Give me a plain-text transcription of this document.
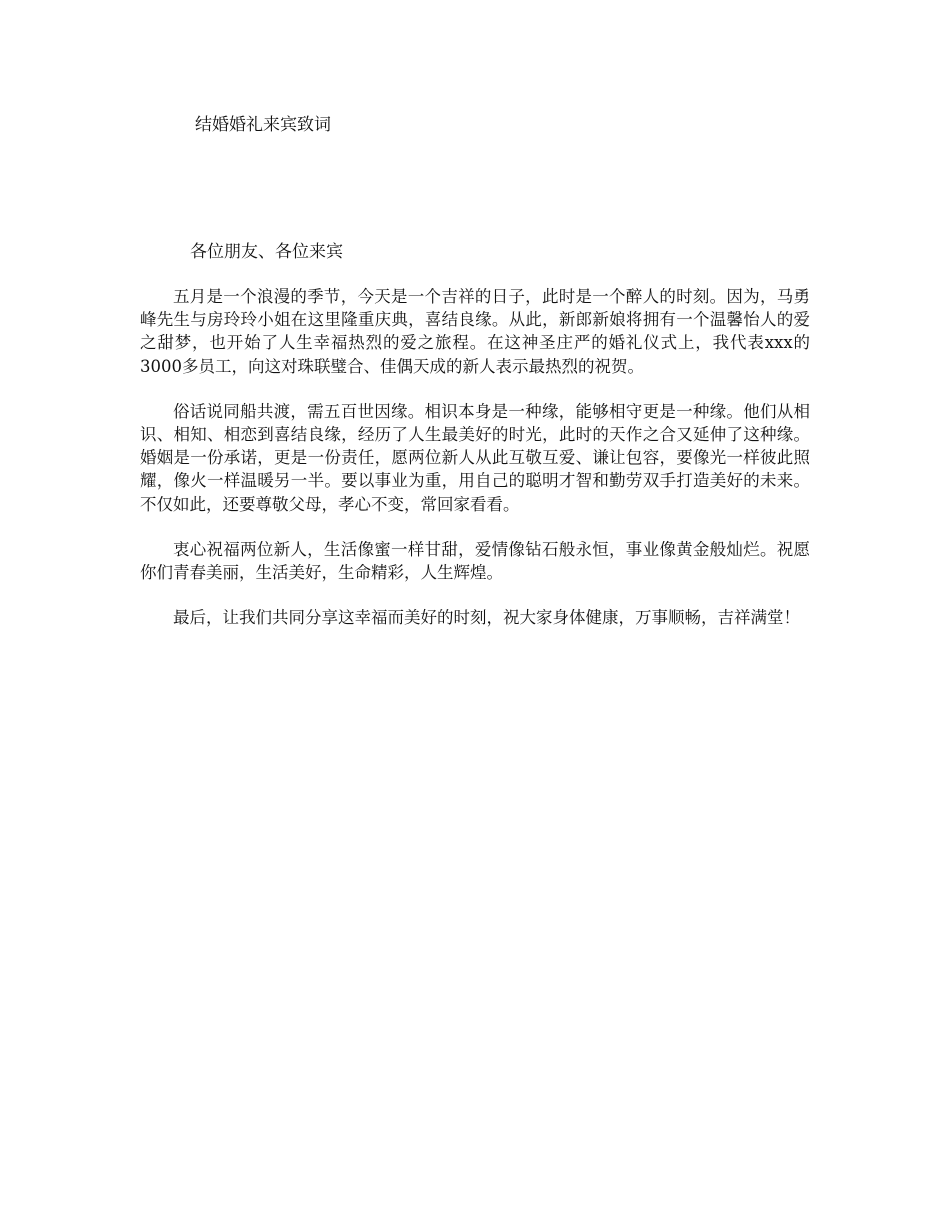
结婚婚礼来宾致词
各位朋友、各位来宾

五月是一个浪漫的季节，今天是一个吉祥的日子，此时是一个醉人的时刻。因为，马勇峰先生与房玲玲小姐在这里隆重庆典，喜结良缘。从此，新郎新娘将拥有一个温馨怡人的爱之甜梦，也开始了人生幸福热烈的爱之旅程。在这神圣庄严的婚礼仪式上，我代表xxx的3000多员工，向这对珠联璧合、佳偶天成的新人表示最热烈的祝贺。

俗话说同船共渡，需五百世因缘。相识本身是一种缘，能够相守更是一种缘。他们从相识、相知、相恋到喜结良缘，经历了人生最美好的时光，此时的天作之合又延伸了这种缘。婚姻是一份承诺，更是一份责任，愿两位新人从此互敬互爱、谦让包容，要像光一样彼此照耀，像火一样温暖另一半。要以事业为重，用自己的聪明才智和勤劳双手打造美好的未来。不仅如此，还要尊敬父母，孝心不变，常回家看看。

衷心祝福两位新人，生活像蜜一样甘甜，爱情像钻石般永恒，事业像黄金般灿烂。祝愿你们青春美丽，生活美好，生命精彩，人生辉煌。

最后，让我们共同分享这幸福而美好的时刻，祝大家身体健康，万事顺畅，吉祥满堂！
